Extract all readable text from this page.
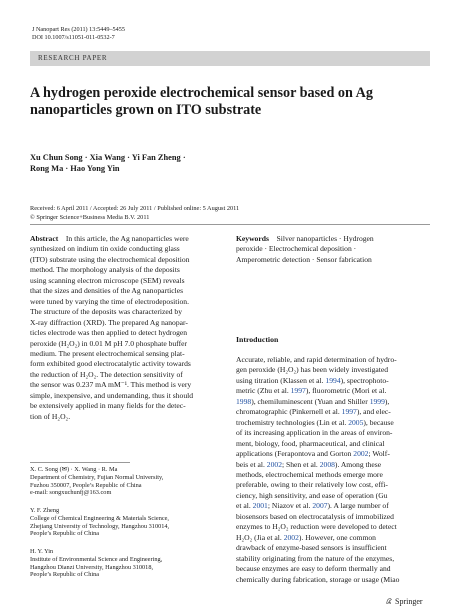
J Nanopart Res (2011) 13:5449–5455
DOI 10.1007/s11051-011-0532-7
RESEARCH PAPER
A hydrogen peroxide electrochemical sensor based on Ag
nanoparticles grown on ITO substrate
Xu Chun Song · Xia Wang · Yi Fan Zheng ·
Rong Ma · Hao Yong Yin
Received: 6 April 2011 / Accepted: 26 July 2011 / Published online: 5 August 2011
© Springer Science+Business Media B.V. 2011
Abstract In this article, the Ag nanoparticles were
synthesized on indium tin oxide conducting glass
(ITO) substrate using the electrochemical deposition
method. The morphology analysis of the deposits
using scanning electron microscope (SEM) reveals
that the sizes and densities of the Ag nanoparticles
were tuned by varying the time of electrodeposition.
The structure of the deposits was characterized by
X-ray diffraction (XRD). The prepared Ag nanopar-
ticles electrode was then applied to detect hydrogen
peroxide (H₂O₂) in 0.01 M pH 7.0 phosphate buffer
medium. The present electrochemical sensing plat-
form exhibited good electrocatalytic activity towards
the reduction of H₂O₂. The detection sensitivity of
the sensor was 0.237 mA mM⁻¹. This method is very
simple, inexpensive, and undemanding, thus it should
be extensively applied in many fields for the detec-
tion of H₂O₂.
X. C. Song (✉) · X. Wang · R. Ma
Department of Chemistry, Fujian Normal University,
Fuzhou 350007, People’s Republic of China
e-mail: songxuchunfj@163.com
Y. F. Zheng
College of Chemical Engineering & Materials Science,
Zhejiang University of Technology, Hangzhou 310014,
People’s Republic of China
H. Y. Yin
Institute of Environmental Science and Engineering,
Hangzhou Dianzi University, Hangzhou 310018,
People’s Republic of China
Keywords Silver nanoparticles · Hydrogen
peroxide · Electrochemical deposition ·
Amperometric detection · Sensor fabrication
Introduction
Accurate, reliable, and rapid determination of hydro-
gen peroxide (H₂O₂) has been widely investigated
using titration (Klassen et al. 1994), spectrophoto-
metric (Zhu et al. 1997), fluorometric (Mori et al.
1998), chemiluminescent (Yuan and Shiller 1999),
chromatographic (Pinkernell et al. 1997), and elec-
trochemistry technologies (Lin et al. 2005), because
of its increasing application in the areas of environ-
ment, biology, food, pharmaceutical, and clinical
applications (Ferapontova and Gorton 2002; Wolf-
beis et al. 2002; Shen et al. 2008). Among these
methods, electrochemical methods emerge more
preferable, owing to their relatively low cost, effi-
ciency, high sensitivity, and ease of operation (Gu
et al. 2001; Niazov et al. 2007). A large number of
biosensors based on electrocatalysis of immobilized
enzymes to H₂O₂ reduction were developed to detect
H₂O₂ (Jia et al. 2002). However, one common
drawback of enzyme-based sensors is insufficient
stability originating from the nature of the enzymes,
because enzymes are easy to deform thermally and
chemically during fabrication, storage or usage (Miao
Springer
